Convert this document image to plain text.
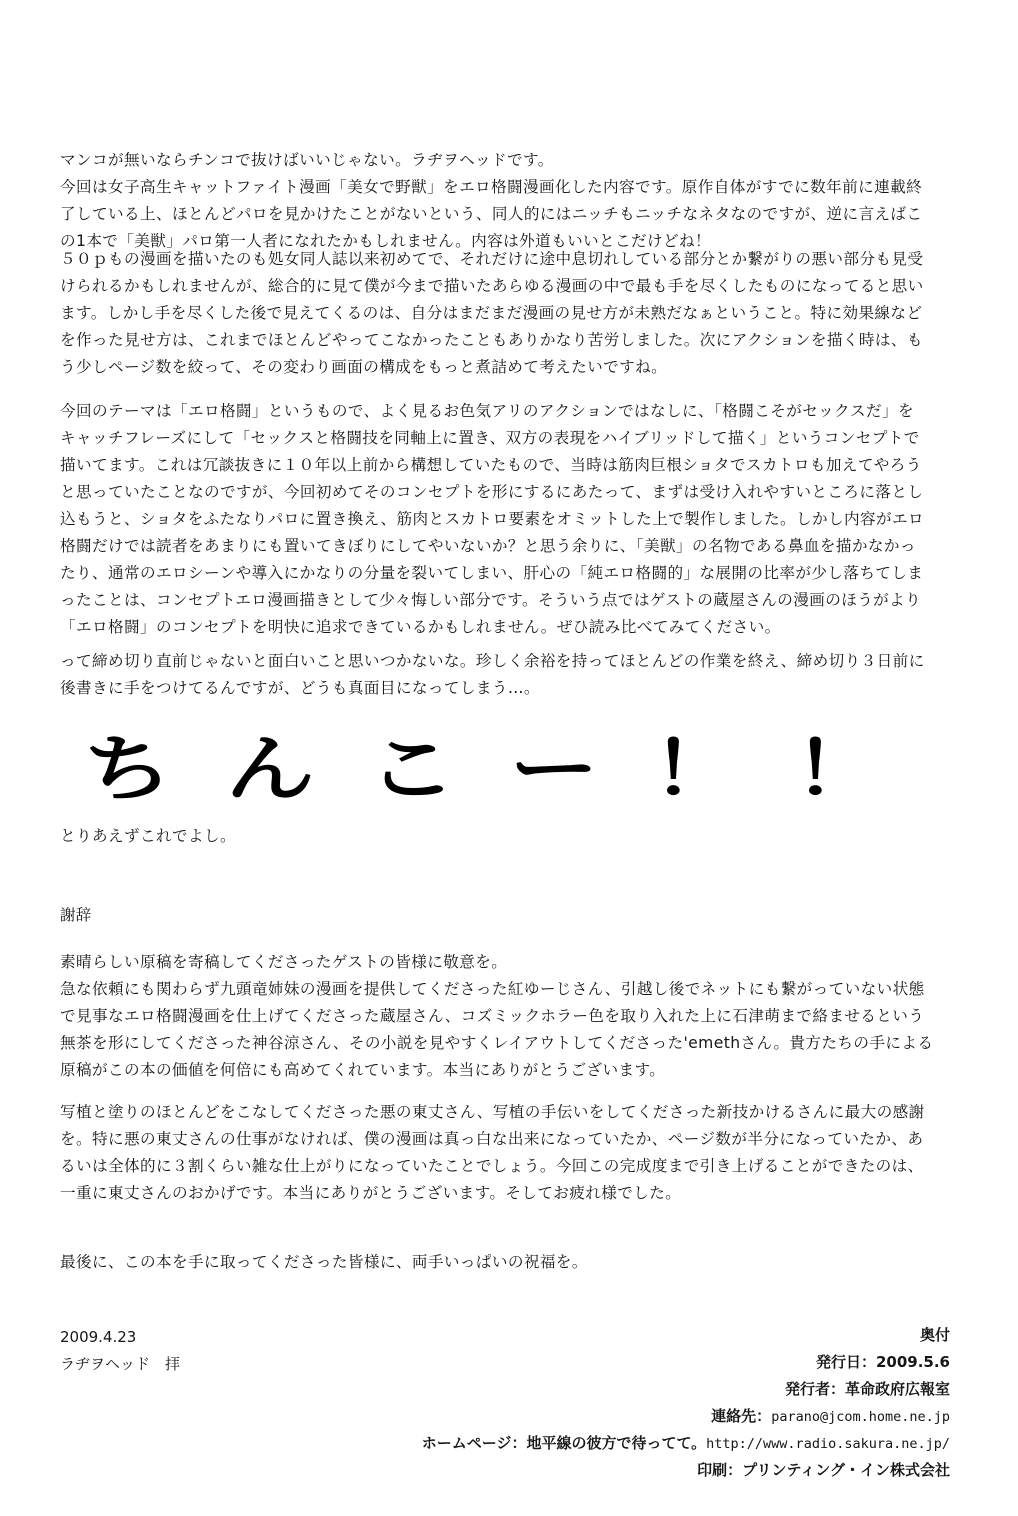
マンコが無いならチンコで抜けばいいじゃない。ラヂヲヘッドです。
今回は女子高生キャットファイト漫画「美女で野獣」をエロ格闘漫画化した内容です。原作自体がすでに数年前に連載終
了している上、ほとんどパロを見かけたことがないという、同人的にはニッチもニッチなネタなのですが、逆に言えばこ
の1本で「美獣」パロ第一人者になれたかもしれません。内容は外道もいいとこだけどね！
５０ｐもの漫画を描いたのも処女同人誌以来初めてで、それだけに途中息切れしている部分とか繋がりの悪い部分も見受
けられるかもしれませんが、総合的に見て僕が今まで描いたあらゆる漫画の中で最も手を尽くしたものになってると思い
ます。しかし手を尽くした後で見えてくるのは、自分はまだまだ漫画の見せ方が未熟だなぁということ。特に効果線など
を作った見せ方は、これまでほとんどやってこなかったこともありかなり苦労しました。次にアクションを描く時は、も
う少しページ数を絞って、その変わり画面の構成をもっと煮詰めて考えたいですね。
今回のテーマは「エロ格闘」というもので、よく見るお色気アリのアクションではなしに、「格闘こそがセックスだ」を
キャッチフレーズにして「セックスと格闘技を同軸上に置き、双方の表現をハイブリッドして描く」というコンセプトで
描いてます。これは冗談抜きに１０年以上前から構想していたもので、当時は筋肉巨根ショタでスカトロも加えてやろう
と思っていたことなのですが、今回初めてそのコンセプトを形にするにあたって、まずは受け入れやすいところに落とし
込もうと、ショタをふたなりパロに置き換え、筋肉とスカトロ要素をオミットした上で製作しました。しかし内容がエロ
格闘だけでは読者をあまりにも置いてきぼりにしてやいないか？と思う余りに、「美獣」の名物である鼻血を描かなかっ
たり、通常のエロシーンや導入にかなりの分量を裂いてしまい、肝心の「純エロ格闘的」な展開の比率が少し落ちてしま
ったことは、コンセプトエロ漫画描きとして少々悔しい部分です。そういう点ではゲストの蔵屋さんの漫画のほうがより
「エロ格闘」のコンセプトを明快に追求できているかもしれません。ぜひ読み比べてみてください。
って締め切り直前じゃないと面白いこと思いつかないな。珍しく余裕を持ってほとんどの作業を終え、締め切り３日前に
後書きに手をつけてるんですが、どうも真面目になってしまう…。
ちんこー！！
とりあえずこれでよし。
謝辞
素晴らしい原稿を寄稿してくださったゲストの皆様に敬意を。
急な依頼にも関わらず九頭竜姉妹の漫画を提供してくださった紅ゆーじさん、引越し後でネットにも繋がっていない状態
で見事なエロ格闘漫画を仕上げてくださった蔵屋さん、コズミックホラー色を取り入れた上に石津萌まで絡ませるという
無茶を形にしてくださった神谷涼さん、その小説を見やすくレイアウトしてくださった'emethさん。貴方たちの手による
原稿がこの本の価値を何倍にも高めてくれています。本当にありがとうございます。
写植と塗りのほとんどをこなしてくださった悪の東丈さん、写植の手伝いをしてくださった新技かけるさんに最大の感謝
を。特に悪の東丈さんの仕事がなければ、僕の漫画は真っ白な出来になっていたか、ページ数が半分になっていたか、あ
るいは全体的に３割くらい雑な仕上がりになっていたことでしょう。今回この完成度まで引き上げることができたのは、
一重に東丈さんのおかげです。本当にありがとうございます。そしてお疲れ様でした。
最後に、この本を手に取ってくださった皆様に、両手いっぱいの祝福を。
2009.4.23
ラヂヲヘッド　拝
奥付
発行日：2009.5.6
発行者：革命政府広報室
連絡先：parano@jcom.home.ne.jp
ホームページ：地平線の彼方で待ってて。http://www.radio.sakura.ne.jp/
印刷：プリンティング・イン株式会社
